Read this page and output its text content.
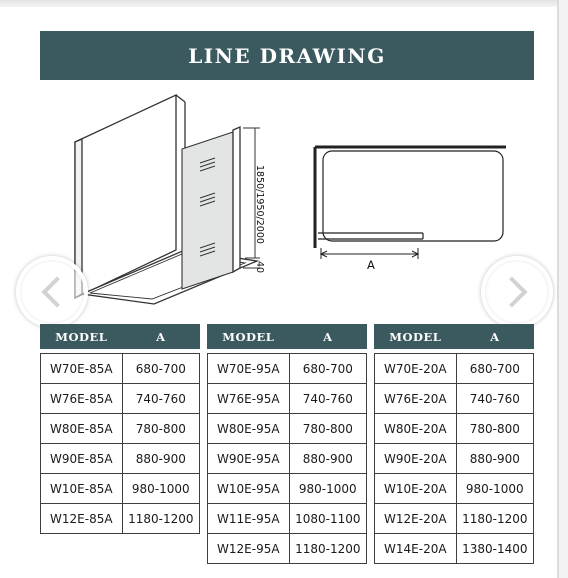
LINE DRAWING
1850/1950/2000
40	A
MODEL	A

W70E-85A	680-700
W76E-85A	740-760
W80E-85A	780-800
W90E-85A	880-900
W10E-85A	980-1000
W12E-85A	1180-1200
MODEL	A

W70E-95A	680-700
W76E-95A	740-760
W80E-95A	780-800
W90E-95A	880-900
W10E-95A	980-1000
W11E-95A	1080-1100
W12E-95A	1180-1200
MODEL	A

W70E-20A	680-700
W76E-20A	740-760
W80E-20A	780-800
W90E-20A	880-900
W10E-20A	980-1000
W12E-20A	1180-1200
W14E-20A	1380-1400
